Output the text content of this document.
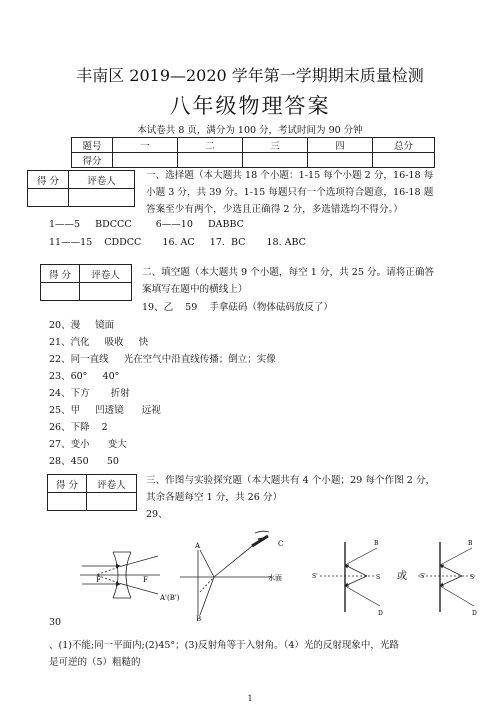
丰南区 2019—2020 学年第一学期期末质量检测
八年级物理答案
本试卷共 8 页，满分为 100 分，考试时间为 90 分钟
题号	一	二	三	四	总分
得分					
得 分	评卷人
		一、选择题（本大题共 18 个小题：1-15 每个小题 2 分，16-18 每
小题 3 分，共 39 分。1-15 每题只有一个选项符合题意，16-18 题
答案至少有两个，少选且正确得 2 分，多选错选均不得分。）
1——5     BDCCC        6——10     DABBC
11——15    CDDCC       16. AC     17.  BC       18. ABC
得 分	评卷人
	二、填空题（本大题共 9 个小题，每空 1 分，共 25 分。请将正确答
案填写在题中的横线上）
19、乙    59    手拿砝码（物体砝码放反了）
20、漫     镜面
21、汽化     吸收     快
22、同一直线     光在空气中沿直线传播；倒立；实像
23、60°     40°
24、下方       折射
25、甲     凹透镜      远视
26、下降    2
27、变小      变大
28、450      50
得 分	评卷人
	三、作图与实验探究题（本大题共有 4 个小题；29 每个作图 2 分，
其余各题每空 1 分，共 26 分）
29、
F	F
A	C
A'(B')
B
水面	S'	S
B
D
或 S'	S
B
D
30
、(1)不能;同一平面内;(2)45°；(3)反射角等于入射角。（4）光的反射现象中，光路
是可逆的（5）粗糙的
1
